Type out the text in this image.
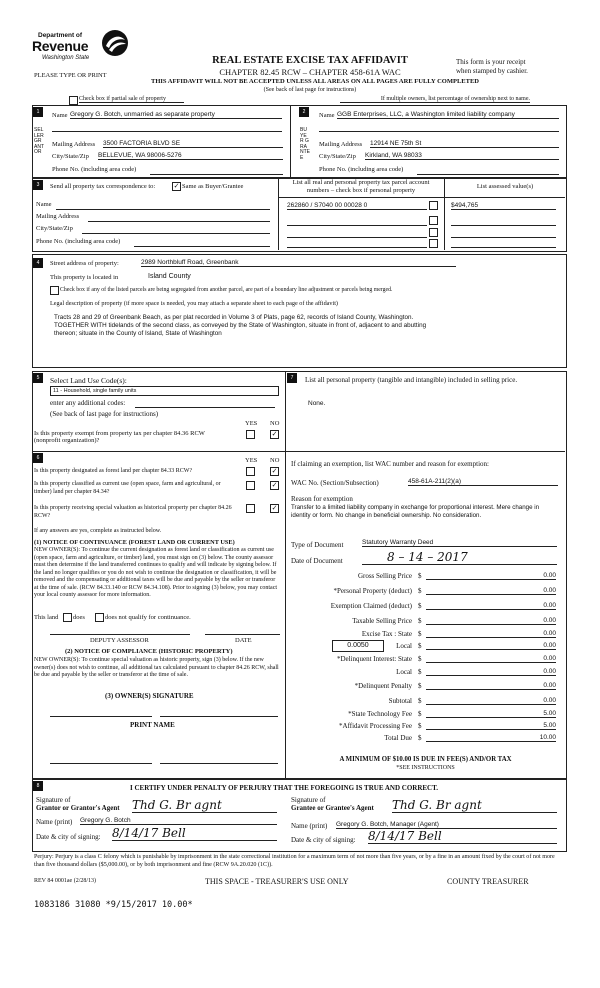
Department of
Revenue
Washington State	REAL ESTATE EXCISE TAX AFFIDAVIT
CHAPTER 82.45 RCW – CHAPTER 458-61A WAC
PLEASE TYPE OR PRINT
This form is your receipt
when stamped by cashier.
THIS AFFIDAVIT WILL NOT BE ACCEPTED UNLESS ALL AREAS ON ALL PAGES ARE FULLY COMPLETED
(See back of last page for instructions)
Check box if partial sale of property	If multiple owners, list percentage of ownership next to name.
1
SELLER GRANTOR
Name Gregory G. Botch, unmarried as separate property
Mailing Address 3500 FACTORIA BLVD SE
City/State/Zip BELLEVUE, WA 98006-5276
Phone No. (including area code)
2
BUYER GRANTEE
Name GGB Enterprises, LLC, a Washington limited liability company
Mailing Address 12914 NE 75th St
City/State/Zip Kirkland, WA 98033
Phone No. (including area code)
3	Send all property tax correspondence to:	✓ Same as Buyer/Grantee
Name
Mailing Address
City/State/Zip
Phone No. (including area code)
List all real and personal property tax parcel account numbers – check box if personal property
List assessed value(s)
262860 / S7040 00 00028 0	$494,765
4	Street address of property:	2989 Northbluff Road, Greenbank
This property is located in	Island County
Check box if any of the listed parcels are being segregated from another parcel, are part of a boundary line adjustment or parcels being merged.
Legal description of property (if more space is needed, you may attach a separate sheet to each page of the affidavit)
Tracts 28 and 29 of Greenbank Beach, as per plat recorded in Volume 3 of Plats, page 62, records of Island County, Washington.
TOGETHER WITH tidelands of the second class, as conveyed by the State of Washington, situate in front of, adjacent to and abutting
thereon; situate in the County of Island, State of Washington
5	Select Land Use Code(s):
11 - Household, single family units
enter any additional codes:
(See back of last page for instructions)
YES NO
Is this property exempt from property tax per chapter 84.36 RCW (nonprofit organization)?
✓
6	YES NO
Is this property designated as forest land per chapter 84.33 RCW?	✓
Is this property classified as current use (open space, farm and agricultural, or timber) land per chapter 84.34?
✓
Is this property receiving special valuation as historical property per chapter 84.26 RCW?
✓
If any answers are yes, complete as instructed below.
(1) NOTICE OF CONTINUANCE (FOREST LAND OR CURRENT USE)
NEW OWNER(S): To continue the current designation as forest land or classification as current use (open space, farm and agriculture, or timber) land, you must sign on (3) below. The county assessor must then determine if the land transferred continues to qualify and will indicate by signing below. If the land no longer qualifies or you do not wish to continue the designation or classification, it will be removed and the compensating or additional taxes will be due and payable by the seller or transferor at the time of sale. (RCW 84.33.140 or RCW 84.34.108). Prior to signing (3) below, you may contact your local county assessor for more information.
This land does	does not qualify for continuance.
DEPUTY ASSESSOR	DATE
(2) NOTICE OF COMPLIANCE (HISTORIC PROPERTY)
NEW OWNER(S): To continue special valuation as historic property, sign (3) below. If the new owner(s) does not wish to continue, all additional tax calculated pursuant to chapter 84.26 RCW, shall be due and payable by the seller or transferor at the time of sale.
(3) OWNER(S) SIGNATURE
PRINT NAME
7	List all personal property (tangible and intangible) included in selling price.
None.
If claiming an exemption, list WAC number and reason for exemption:
WAC No. (Section/Subsection)	458-61A-211(2)(a)
Reason for exemption
Transfer to a limited liability company in exchange for proportional interest. Mere change in identity or form. No change in beneficial ownership. No consideration.
Type of Document	Statutory Warranty Deed
Date of Document	8 – 14 – 2017
Gross Selling Price $	0.00
*Personal Property (deduct) $	0.00
Exemption Claimed (deduct) $	0.00
Taxable Selling Price $	0.00
Excise Tax : State $	0.00
0.0050	Local $	0.00
*Delinquent Interest: State $	0.00
Local $	0.00
*Delinquent Penalty $	0.00
Subtotal $	0.00
*State Technology Fee $	5.00
*Affidavit Processing Fee $	5.00
Total Due $	10.00
A MINIMUM OF $10.00 IS DUE IN FEE(S) AND/OR TAX
*SEE INSTRUCTIONS
8	I CERTIFY UNDER PENALTY OF PERJURY THAT THE FOREGOING IS TRUE AND CORRECT.
Signature of
Grantor or Grantor's Agent Thd G. Br agnt
Name (print) Gregory G. Botch
Date & city of signing: 8/14/17 Bell
Signature of
Grantee or Grantee's Agent Thd G. Br agnt
Name (print) Gregory G. Botch, Manager (Agent)
Date & city of signing: 8/14/17 Bell
Perjury: Perjury is a class C felony which is punishable by imprisonment in the state correctional institution for a maximum term of not more than five years, or by a fine in an amount fixed by the court of not more than five thousand dollars ($5,000.00), or by both imprisonment and fine (RCW 9A.20.020 (1C)).
REV 84 0001ae (2/28/13)	THIS SPACE - TREASURER'S USE ONLY	COUNTY TREASURER
1083186 31080 *9/15/2017 10.00*
